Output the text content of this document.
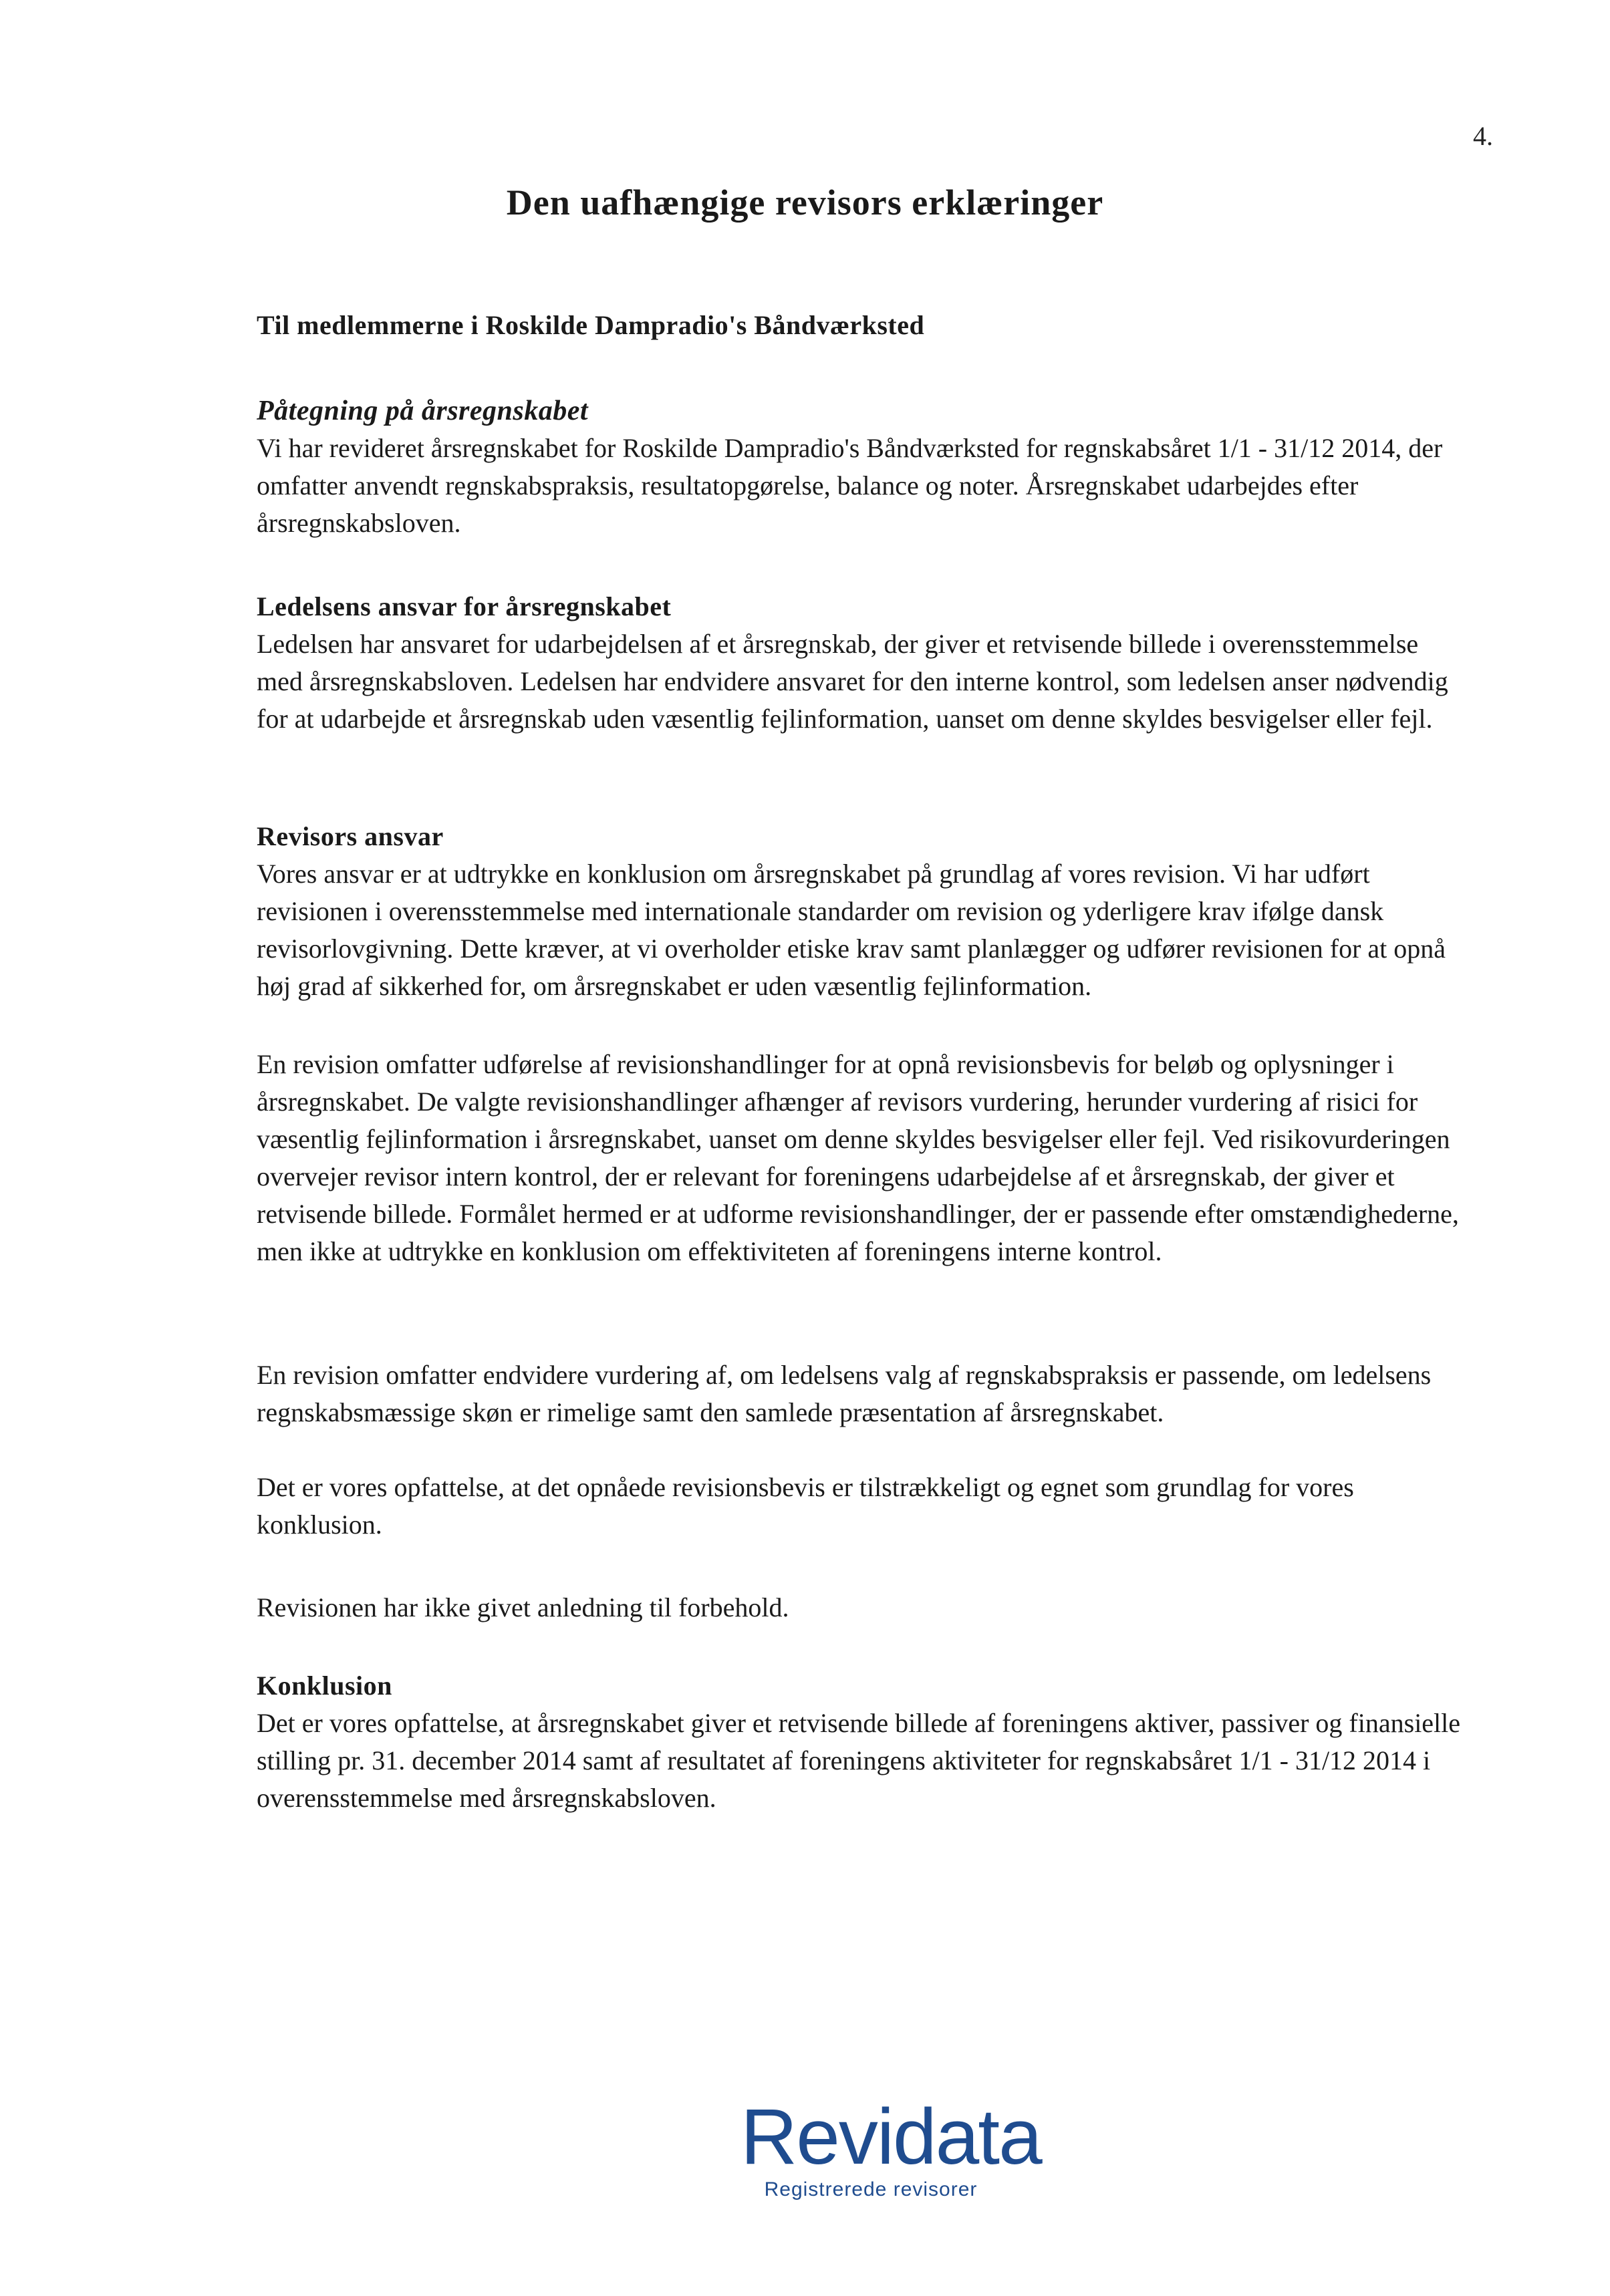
4.
Den uafhængige revisors erklæringer
Til medlemmerne i Roskilde Dampradio's Båndværksted
Påtegning på årsregnskabet
Vi har revideret årsregnskabet for Roskilde Dampradio's Båndværksted for regnskabsåret 1/1 - 31/12 2014, der omfatter anvendt regnskabspraksis, resultatopgørelse, balance og noter. Årsregnskabet udarbejdes efter årsregnskabsloven.
Ledelsens ansvar for årsregnskabet
Ledelsen har ansvaret for udarbejdelsen af et årsregnskab, der giver et retvisende billede i overensstemmelse med årsregnskabsloven. Ledelsen har endvidere ansvaret for den interne kontrol, som ledelsen anser nødvendig for at udarbejde et årsregnskab uden væsentlig fejlinformation, uanset om denne skyldes besvigelser eller fejl.
Revisors ansvar
Vores ansvar er at udtrykke en konklusion om årsregnskabet på grundlag af vores revision. Vi har udført revisionen i overensstemmelse med internationale standarder om revision og yderligere krav ifølge dansk revisorlovgivning. Dette kræver, at vi overholder etiske krav samt planlægger og udfører revisionen for at opnå høj grad af sikkerhed for, om årsregnskabet er uden væsentlig fejlinformation.
En revision omfatter udførelse af revisionshandlinger for at opnå revisionsbevis for beløb og oplysninger i årsregnskabet. De valgte revisionshandlinger afhænger af revisors vurdering, herunder vurdering af risici for væsentlig fejlinformation i årsregnskabet, uanset om denne skyldes besvigelser eller fejl. Ved risikovurderingen overvejer revisor intern kontrol, der er relevant for foreningens udarbejdelse af et årsregnskab, der giver et retvisende billede. Formålet hermed er at udforme revisionshandlinger, der er passende efter omstændighederne, men ikke at udtrykke en konklusion om effektiviteten af foreningens interne kontrol.
En revision omfatter endvidere vurdering af, om ledelsens valg af regnskabspraksis er passende, om ledelsens regnskabsmæssige skøn er rimelige samt den samlede præsentation af årsregnskabet.
Det er vores opfattelse, at det opnåede revisionsbevis er tilstrækkeligt og egnet som grundlag for vores konklusion.
Revisionen har ikke givet anledning til forbehold.
Konklusion
Det er vores opfattelse, at årsregnskabet giver et retvisende billede af foreningens aktiver, passiver og finansielle stilling pr. 31. december 2014 samt af resultatet af foreningens aktiviteter for regnskabsåret 1/1 - 31/12 2014 i overensstemmelse med årsregnskabsloven.
Revidata
Registrerede revisorer
